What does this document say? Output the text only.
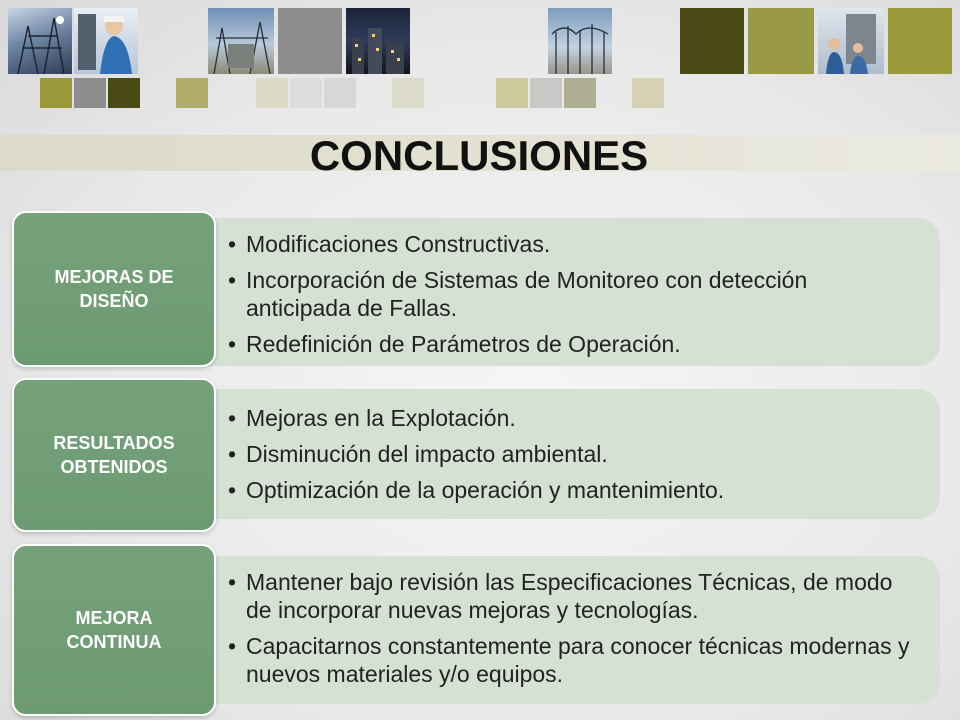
CONCLUSIONES
MEJORAS DE
DISEÑO
• Modificaciones Constructivas.
• Incorporación de Sistemas de Monitoreo con detección anticipada de Fallas.
• Redefinición de Parámetros de Operación.
RESULTADOS
OBTENIDOS
• Mejoras en la Explotación.
• Disminución del impacto ambiental.
• Optimización de la operación y mantenimiento.
MEJORA
CONTINUA
• Mantener bajo revisión las Especificaciones Técnicas, de modo de incorporar nuevas mejoras y tecnologías.
• Capacitarnos constantemente para conocer técnicas modernas y nuevos materiales y/o equipos.
